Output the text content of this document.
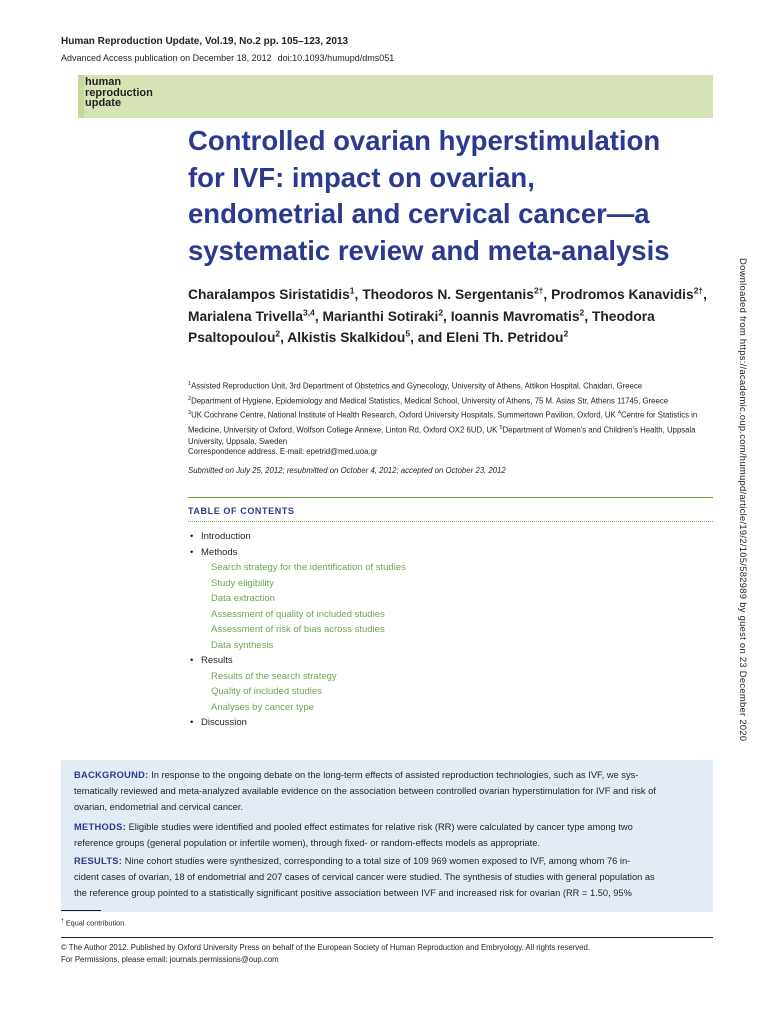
Human Reproduction Update, Vol.19, No.2 pp. 105–123, 2013
Advanced Access publication on December 18, 2012 doi:10.1093/humupd/dms051
human
reproduction
update
Controlled ovarian hyperstimulation for IVF: impact on ovarian, endometrial and cervical cancer—a systematic review and meta-analysis

Charalampos Siristatidis$^1$, Theodoros N. Sergentanis$^{2\dagger}$, Prodromos Kanavidis$^{2\dagger}$, Marialena Trivella$^{3,4}$, Marianthi Sotiraki$^2$, Ioannis Mavromatis$^2$, Theodora Psaltopoulou$^2$, Alkistis Skalkidou$^5$, and Eleni Th. Petridou$^2$

$^1$Assisted Reproduction Unit, 3rd Department of Obstetrics and Gynecology, University of Athens, Attikon Hospital, Chaidari, Greece
$^2$Department of Hygiene, Epidemiology and Medical Statistics, Medical School, University of Athens, 75 M. Asias Str, Athens 11745, Greece
$^3$UK Cochrane Centre, National Institute of Health Research, Oxford University Hospitals, Summertown Pavilion, Oxford, UK $^4$Centre for Statistics in Medicine, University of Oxford, Wolfson College Annexe, Linton Rd, Oxford OX2 6UD, UK $^5$Department of Women's and Children's Health, Uppsala University, Uppsala, Sweden
Correspondence address. E-mail: epetrid@med.uoa.gr
Submitted on July 25, 2012; resubmitted on October 4, 2012; accepted on October 23, 2012
TABLE OF CONTENTS
• Introduction
• Methods
Search strategy for the identification of studies
Study eligibility
Data extraction
Assessment of quality of included studies
Assessment of risk of bias across studies
Data synthesis
• Results
Results of the search strategy
Quality of included studies
Analyses by cancer type
• Discussion

BACKGROUND: In response to the ongoing debate on the long-term effects of assisted reproduction technologies, such as IVF, we sys-
tematically reviewed and meta-analyzed available evidence on the association between controlled ovarian hyperstimulation for IVF and risk of
ovarian, endometrial and cervical cancer.

METHODS: Eligible studies were identified and pooled effect estimates for relative risk (RR) were calculated by cancer type among two
reference groups (general population or infertile women), through fixed- or random-effects models as appropriate.

RESULTS: Nine cohort studies were synthesized, corresponding to a total size of 109 969 women exposed to IVF, among whom 76 in-
cident cases of ovarian, 18 of endometrial and 207 cases of cervical cancer were studied. The synthesis of studies with general population as
the reference group pointed to a statistically significant positive association between IVF and increased risk for ovarian (RR = 1.50, 95%

† Equal contribution.
© The Author 2012. Published by Oxford University Press on behalf of the European Society of Human Reproduction and Embryology. All rights reserved.
For Permissions, please email: journals.permissions@oup.com
Downloaded from https://academic.oup.com/humupd/article/19/2/105/582989 by guest on 23 December 2020
